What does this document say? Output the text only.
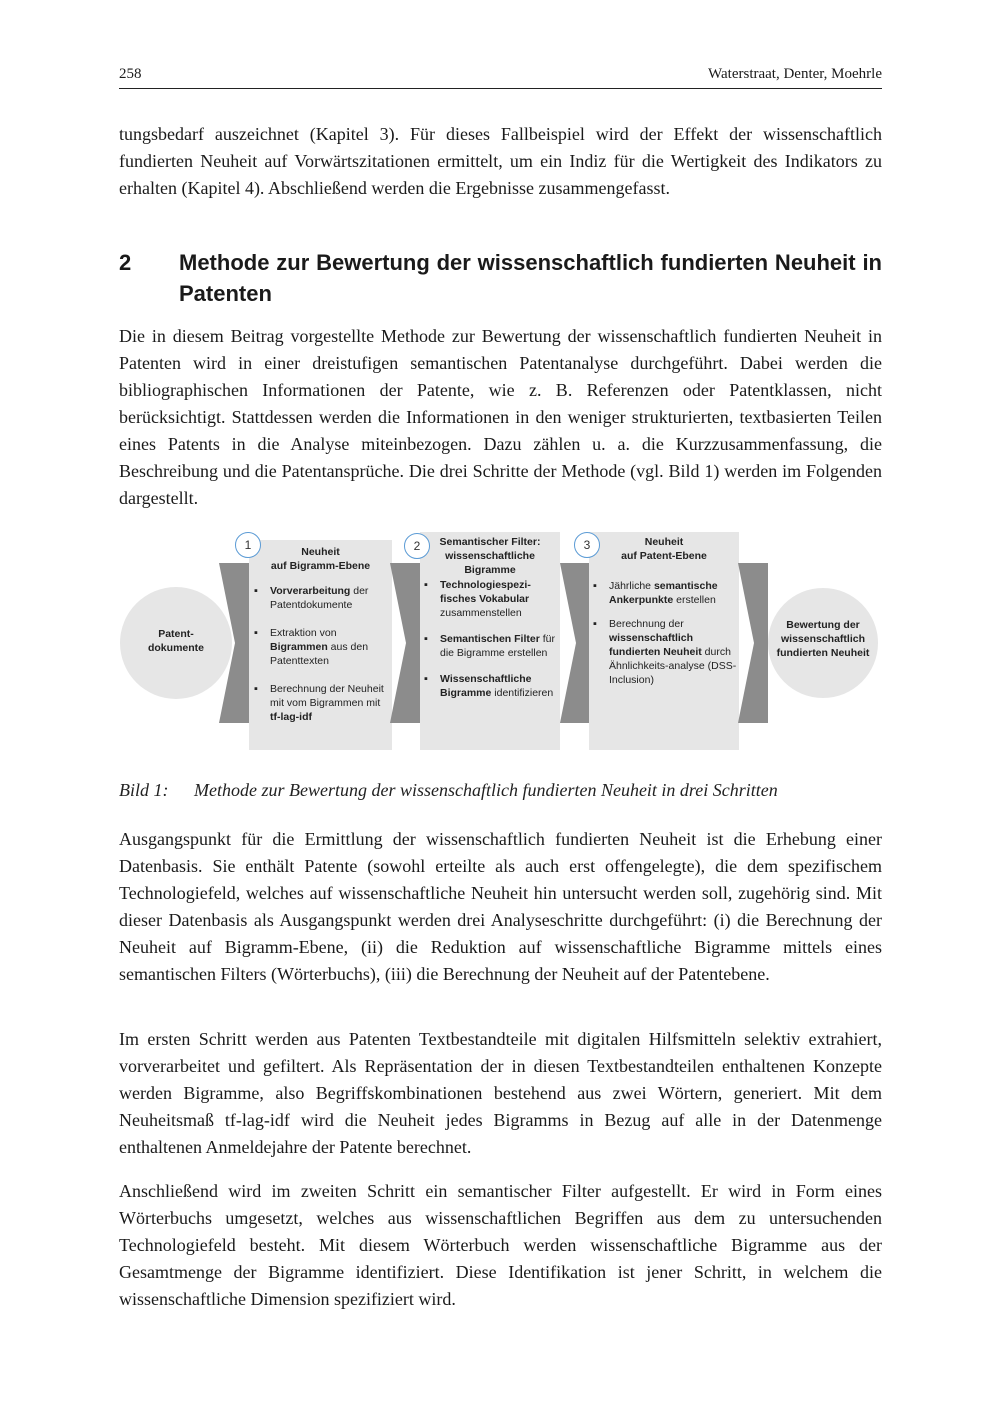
258	Waterstraat, Denter, Moehrle

tungsbedarf auszeichnet (Kapitel 3). Für dieses Fallbeispiel wird der Effekt der wissenschaftlich fundierten Neuheit auf Vorwärtszitationen ermittelt, um ein Indiz für die Wertigkeit des Indikators zu erhalten (Kapitel 4). Abschließend werden die Ergebnisse zusammengefasst.

2 Methode zur Bewertung der wissenschaftlich fundierten Neuheit in Patenten

Die in diesem Beitrag vorgestellte Methode zur Bewertung der wissenschaftlich fundierten Neuheit in Patenten wird in einer dreistufigen semantischen Patentanalyse durchgeführt. Dabei werden die bibliographischen Informationen der Patente, wie z. B. Referenzen oder Patentklassen, nicht berücksichtigt. Stattdessen werden die Informationen in den weniger strukturierten, textbasierten Teilen eines Patents in die Analyse miteinbezogen. Dazu zählen u. a. die Kurzzusammenfassung, die Beschreibung und die Patentansprüche. Die drei Schritte der Methode (vgl. Bild 1) werden im Folgenden dargestellt.

Patent-
dokumente
1	2	3
Neuheit
auf Bigramm-Ebene
▪ Vorverarbeitung der Patentdokumente
▪ Extraktion von Bigrammen aus den Patenttexten
▪ Berechnung der Neuheit mit vom Bigrammen mit tf-lag-idf
Semantischer Filter:
wissenschaftliche
Bigramme
▪ Technologiespezi-fisches Vokabular zusammenstellen
▪ Semantischen Filter für die Bigramme erstellen
▪ Wissenschaftliche Bigramme identifizieren
Neuheit
auf Patent-Ebene
▪ Jährliche semantische Ankerpunkte erstellen
▪ Berechnung der wissenschaftlich fundierten Neuheit durch Ähnlichkeits-analyse (DSS-Inclusion)
Bewertung der
wissenschaftlich
fundierten Neuheit
Bild 1: Methode zur Bewertung der wissenschaftlich fundierten Neuheit in drei Schritten

Ausgangspunkt für die Ermittlung der wissenschaftlich fundierten Neuheit ist die Erhebung einer Datenbasis. Sie enthält Patente (sowohl erteilte als auch erst offengelegte), die dem spezifischem Technologiefeld, welches auf wissenschaftliche Neuheit hin untersucht werden soll, zugehörig sind. Mit dieser Datenbasis als Ausgangspunkt werden drei Analyseschritte durchgeführt: (i) die Berechnung der Neuheit auf Bigramm-Ebene, (ii) die Reduktion auf wissenschaftliche Bigramme mittels eines semantischen Filters (Wörterbuchs), (iii) die Berechnung der Neuheit auf der Patentebene.

Im ersten Schritt werden aus Patenten Textbestandteile mit digitalen Hilfsmitteln selektiv extrahiert, vorverarbeitet und gefiltert. Als Repräsentation der in diesen Textbestandteilen enthaltenen Konzepte werden Bigramme, also Begriffskombinationen bestehend aus zwei Wörtern, generiert. Mit dem Neuheitsmaß tf-lag-idf wird die Neuheit jedes Bigramms in Bezug auf alle in der Datenmenge enthaltenen Anmeldejahre der Patente berechnet.

Anschließend wird im zweiten Schritt ein semantischer Filter aufgestellt. Er wird in Form eines Wörterbuchs umgesetzt, welches aus wissenschaftlichen Begriffen aus dem zu untersuchenden Technologiefeld besteht. Mit diesem Wörterbuch werden wissenschaftliche Bigramme aus der Gesamtmenge der Bigramme identifiziert. Diese Identifikation ist jener Schritt, in welchem die wissenschaftliche Dimension spezifiziert wird.
